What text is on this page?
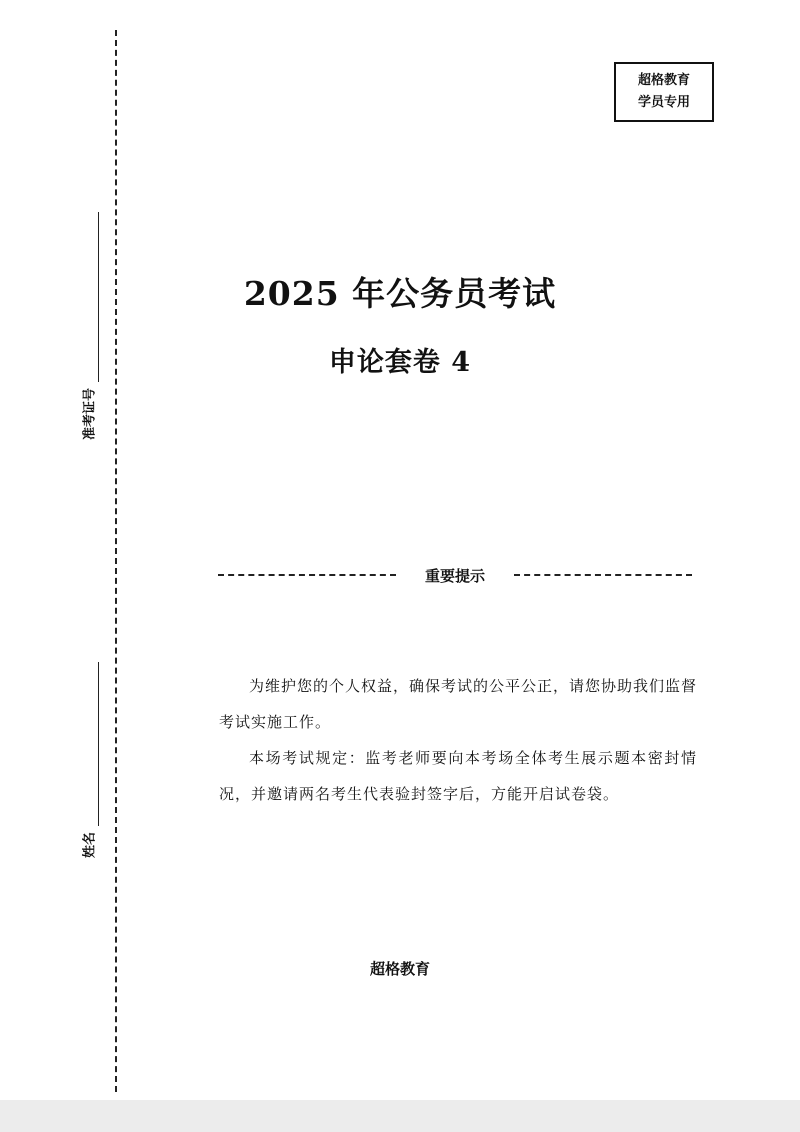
超格教育
学员专用
准考证号
姓名
2025 年公务员考试
申论套卷 4
重要提示

为维护您的个人权益，确保考试的公平公正，请您协助我们监督考试实施工作。

本场考试规定：监考老师要向本考场全体考生展示题本密封情况，并邀请两名考生代表验封签字后，方能开启试卷袋。

超格教育
